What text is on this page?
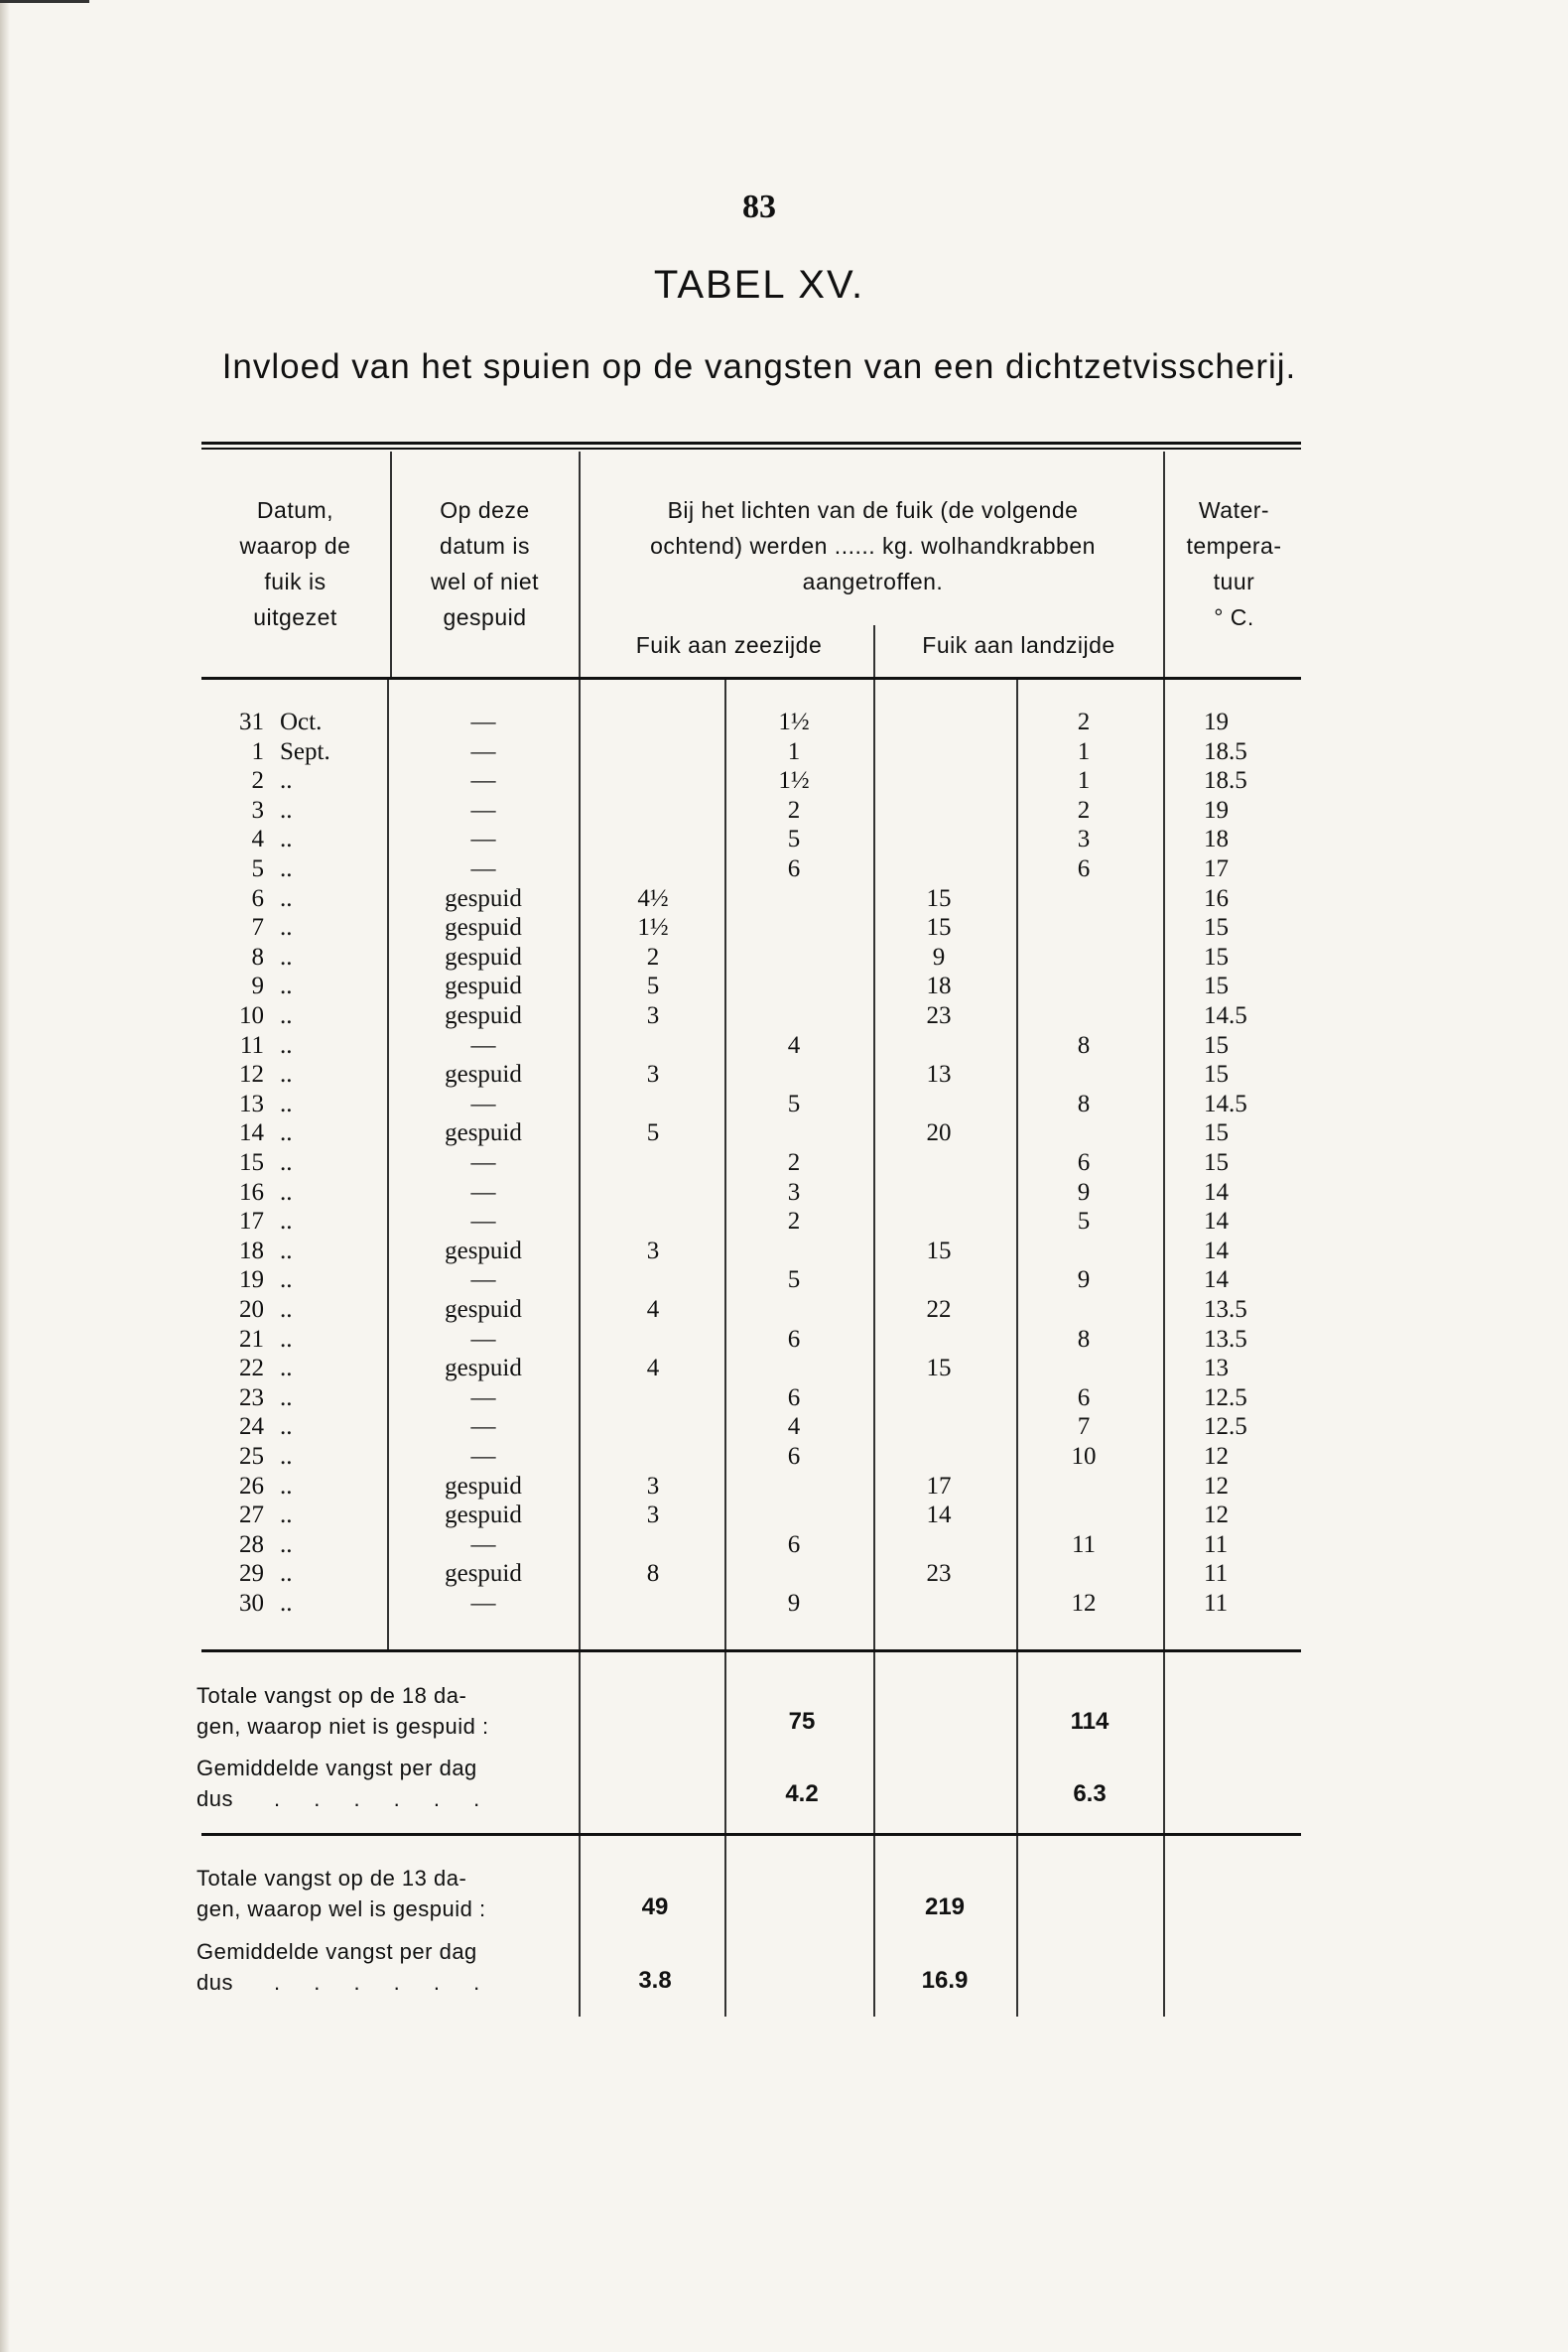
83
TABEL XV.
Invloed van het spuien op de vangsten van een dichtzetvisscherij.
Datum,
waarop de
fuik is
uitgezet
Op deze
datum is
wel of niet
gespuid
Bij het lichten van de fuik (de volgende
ochtend) werden ...... kg. wolhandkrabben
aangetroffen.
Fuik aan zeezijde	Fuik aan landzijde
Water-
tempera-
tuur
° C.
31 Oct.	—	1½	2	19
1 Sept.	—	1	1	18.5
2 ..	—	1½	1	18.5
3 ..	—	2	2	19
4 ..	—	5	3	18
5 ..	—	6	6	17
6 ..	gespuid	4½	15	16
7 ..	gespuid	1½	15	15
8 ..	gespuid	2	9	15
9 ..	gespuid	5	18	15
10 ..	gespuid	3	23	14.5
11 ..	—	4	8	15
12 ..	gespuid	3	13	15
13 ..	—	5	8	14.5
14 ..	gespuid	5	20	15
15 ..	—	2	6	15
16 ..	—	3	9	14
17 ..	—	2	5	14
18 ..	gespuid	3	15	14
19 ..	—	5	9	14
20 ..	gespuid	4	22	13.5
21 ..	—	6	8	13.5
22 ..	gespuid	4	15	13
23 ..	—	6	6	12.5
24 ..	—	4	7	12.5
25 ..	—	6	10	12
26 ..	gespuid	3	17	12
27 ..	gespuid	3	14	12
28 ..	—	6	11	11
29 ..	gespuid	8	23	11
30 ..	—	9	12	11
Totale vangst op de 18 da-
gen, waarop niet is gespuid :	75	114
Gemiddelde vangst per dag
dus . . . . . .	4.2	6.3
Totale vangst op de 13 da-
gen, waarop wel is gespuid :	49	219
Gemiddelde vangst per dag
dus . . . . . .	3.8	16.9
